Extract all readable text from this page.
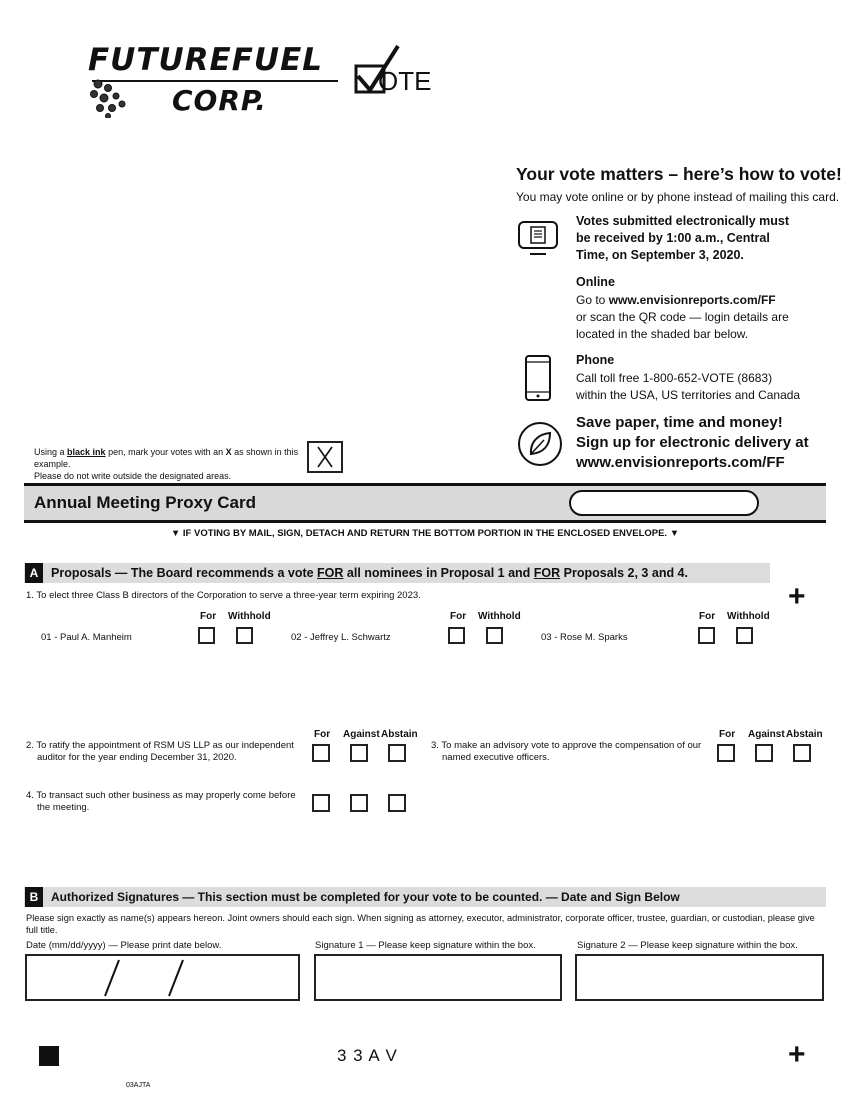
FUTUREFUEL
CORP.
OTE
Your vote matters – here’s how to vote!
You may vote online or by phone instead of mailing this card.
Votes submitted electronically must be received by 1:00 a.m., Central Time, on September 3, 2020.
Online
Go to www.envisionreports.com/FF
or scan the QR code — login details are located in the shaded bar below.
Phone
Call toll free 1-800-652-VOTE (8683) within the USA, US territories and Canada
Save paper, time and money!
Sign up for electronic delivery at
www.envisionreports.com/FF
Using a black ink pen, mark your votes with an X as shown in this example.
Please do not write outside the designated areas.
Annual Meeting Proxy Card
▼ IF VOTING BY MAIL, SIGN, DETACH AND RETURN THE BOTTOM PORTION IN THE ENCLOSED ENVELOPE. ▼
A	Proposals — The Board recommends a vote FOR all nominees in Proposal 1 and FOR Proposals 2, 3 and 4.
+
1. To elect three Class B directors of the Corporation to serve a three-year term expiring 2023.
For Withhold
01 - Paul A. Manheim
For Withhold
02 - Jeffrey L. Schwartz
For Withhold
03 - Rose M. Sparks
For Against Abstain
2. To ratify the appointment of RSM US LLP as our independent
auditor for the year ending December 31, 2020.
For Against Abstain
3. To make an advisory vote to approve the compensation of our
named executive officers.
4. To transact such other business as may properly come before
the meeting.
B	Authorized Signatures — This section must be completed for your vote to be counted. — Date and Sign Below
Please sign exactly as name(s) appears hereon. Joint owners should each sign. When signing as attorney, executor, administrator, corporate officer, trustee, guardian, or custodian, please give full title.
Date (mm/dd/yyyy) — Please print date below.	Signature 1 — Please keep signature within the box.	Signature 2 — Please keep signature within the box.
3 3 A V	+
03AJTA
